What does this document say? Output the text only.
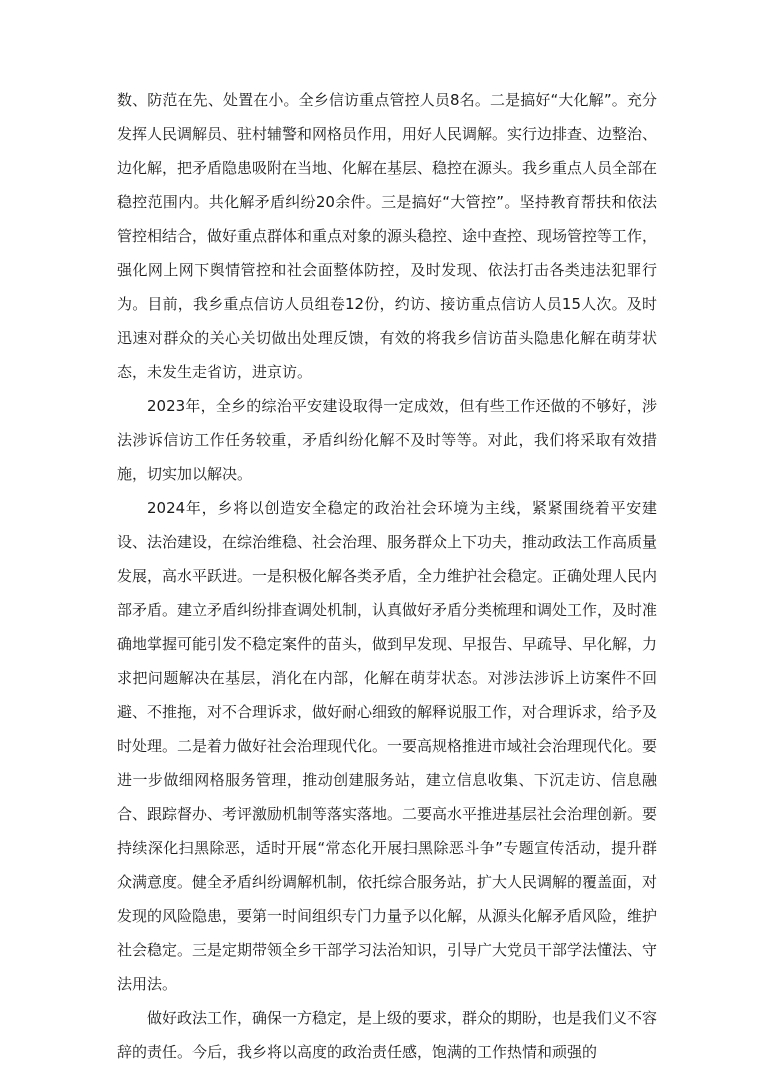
数、防范在先、处置在小。全乡信访重点管控人员8名。二是搞好“大化解”。充分发挥人民调解员、驻村辅警和网格员作用，用好人民调解。实行边排查、边整治、边化解，把矛盾隐患吸附在当地、化解在基层、稳控在源头。我乡重点人员全部在稳控范围内。共化解矛盾纠纷20余件。三是搞好“大管控”。坚持教育帮扶和依法管控相结合，做好重点群体和重点对象的源头稳控、途中查控、现场管控等工作，强化网上网下舆情管控和社会面整体防控，及时发现、依法打击各类违法犯罪行为。目前，我乡重点信访人员组卷12份，约访、接访重点信访人员15人次。及时迅速对群众的关心关切做出处理反馈，有效的将我乡信访苗头隐患化解在萌芽状态，未发生走省访，进京访。

2023年，全乡的综治平安建设取得一定成效，但有些工作还做的不够好，涉法涉诉信访工作任务较重，矛盾纠纷化解不及时等等。对此，我们将采取有效措施，切实加以解决。

2024年，乡将以创造安全稳定的政治社会环境为主线，紧紧围绕着平安建设、法治建设，在综治维稳、社会治理、服务群众上下功夫，推动政法工作高质量发展，高水平跃进。一是积极化解各类矛盾，全力维护社会稳定。正确处理人民内部矛盾。建立矛盾纠纷排查调处机制，认真做好矛盾分类梳理和调处工作，及时准确地掌握可能引发不稳定案件的苗头，做到早发现、早报告、早疏导、早化解，力求把问题解决在基层，消化在内部，化解在萌芽状态。对涉法涉诉上访案件不回避、不推拖，对不合理诉求，做好耐心细致的解释说服工作，对合理诉求，给予及时处理。二是着力做好社会治理现代化。一要高规格推进市域社会治理现代化。要进一步做细网格服务管理，推动创建服务站，建立信息收集、下沉走访、信息融合、跟踪督办、考评激励机制等落实落地。二要高水平推进基层社会治理创新。要持续深化扫黑除恶，适时开展“常态化开展扫黑除恶斗争”专题宣传活动，提升群众满意度。健全矛盾纠纷调解机制，依托综合服务站，扩大人民调解的覆盖面，对发现的风险隐患，要第一时间组织专门力量予以化解，从源头化解矛盾风险，维护社会稳定。三是定期带领全乡干部学习法治知识，引导广大党员干部学法懂法、守法用法。

做好政法工作，确保一方稳定，是上级的要求，群众的期盼，也是我们义不容辞的责任。今后，我乡将以高度的政治责任感，饱满的工作热情和顽强的
